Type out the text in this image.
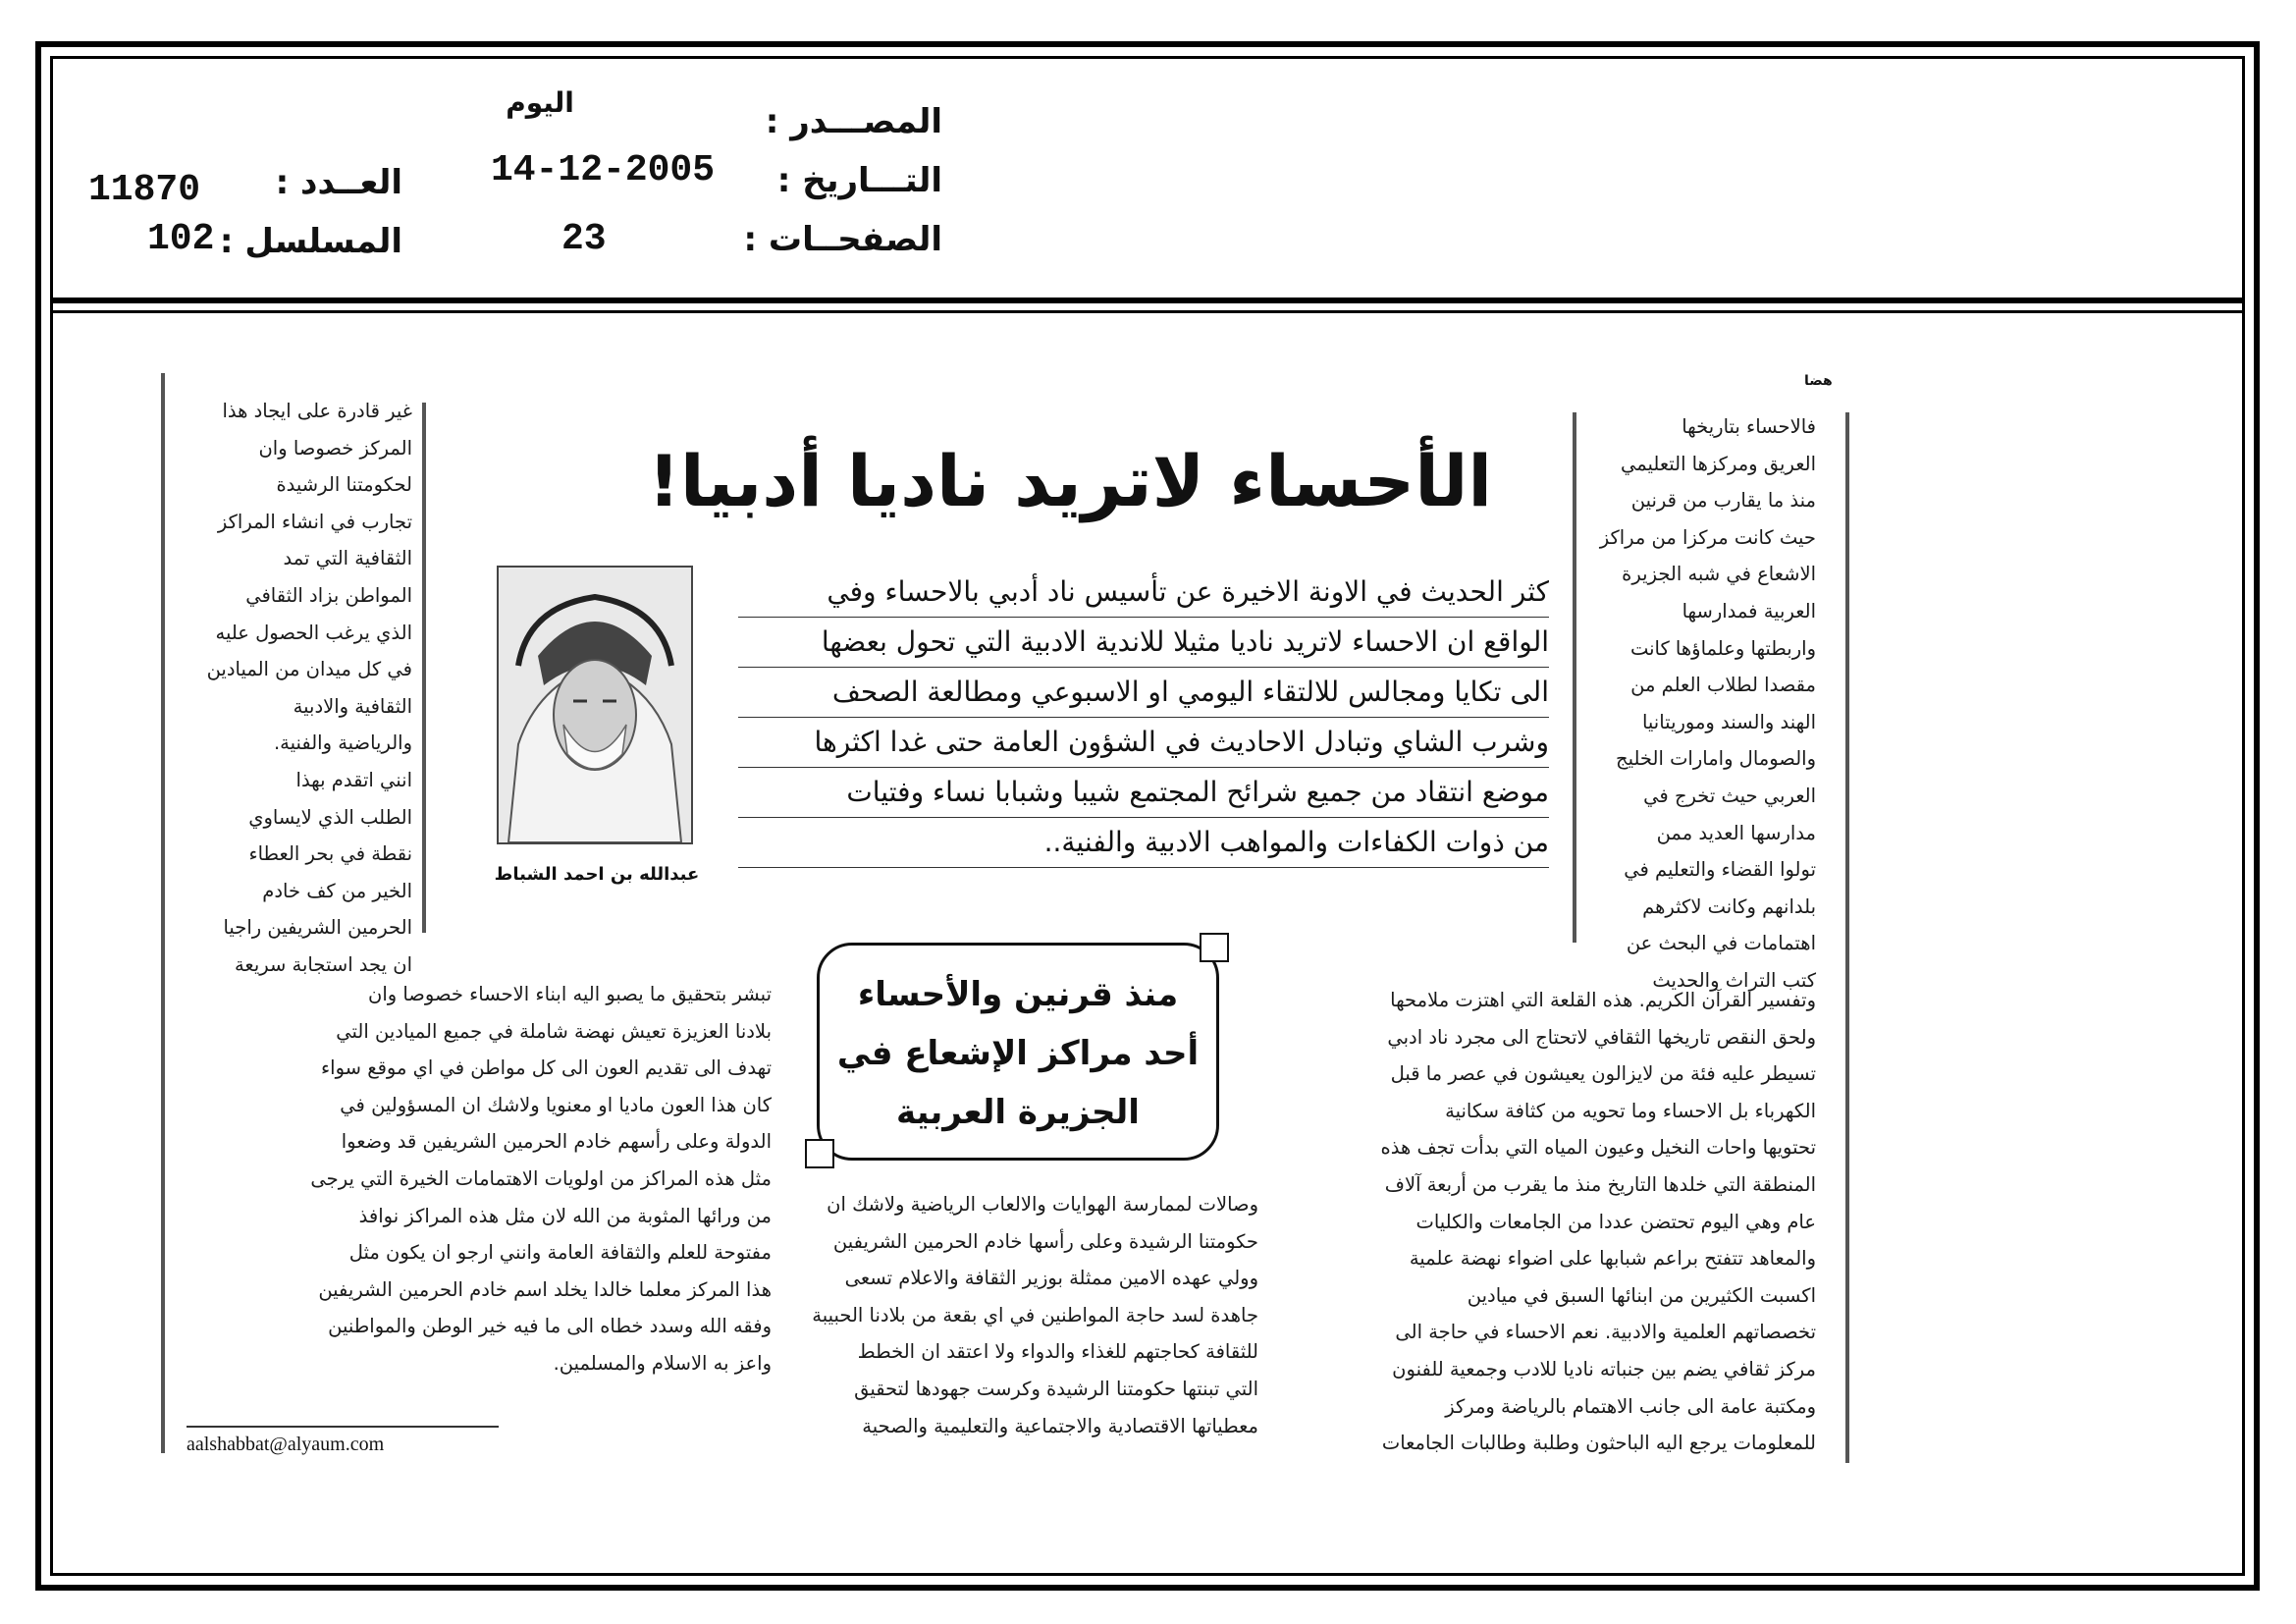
المصـــدر :
اليوم
التـــاريخ :
14-12-2005
الصفحــات :
23
العــدد :
11870
المسلسل :
102
ﮬﻀﺎ
الأحساء لاتريد ناديا أدبيا!
كثر الحديث في الاونة الاخيرة عن تأسيس ناد أدبي بالاحساء وفي
الواقع ان الاحساء لاتريد ناديا مثيلا للاندية الادبية التي تحول بعضها
الى تكايا ومجالس للالتقاء اليومي او الاسبوعي ومطالعة الصحف
وشرب الشاي وتبادل الاحاديث في الشؤون العامة حتى غدا اكثرها
موضع انتقاد من جميع شرائح المجتمع شيبا وشبابا نساء وفتيات
من ذوات الكفاءات والمواهب الادبية والفنية..
عبدالله بن احمد الشباط
منذ قرنين والأحساء
أحد مراكز الإشعاع في
الجزيرة العربية

فالاحساء بتاريخها

العريق ومركزها التعليمي

منذ ما يقارب من قرنين

حيث كانت مركزا من مراكز

الاشعاع في شبه الجزيرة

العربية فمدارسها

واربطتها وعلماؤها كانت

مقصدا لطلاب العلم من

الهند والسند وموريتانيا

والصومال وامارات الخليج

العربي حيث تخرج في

مدارسها العديد ممن

تولوا القضاء والتعليم في

بلدانهم وكانت لاكثرهم

اهتمامات في البحث عن

كتب التراث والحديث

وتفسير القرآن الكريم. هذه القلعة التي اهتزت ملامحها

ولحق النقص تاريخها الثقافي لاتحتاج الى مجرد ناد ادبي

تسيطر عليه فئة من لايزالون يعيشون في عصر ما قبل

الكهرباء بل الاحساء وما تحويه من كثافة سكانية

تحتويها واحات النخيل وعيون المياه التي بدأت تجف هذه

المنطقة التي خلدها التاريخ منذ ما يقرب من أربعة آلاف

عام وهي اليوم تحتضن عددا من الجامعات والكليات

والمعاهد تتفتح براعم شبابها على اضواء نهضة علمية

اكسبت الكثيرين من ابنائها السبق في ميادين

تخصصاتهم العلمية والادبية. نعم الاحساء في حاجة الى

مركز ثقافي يضم بين جنباته ناديا للادب وجمعية للفنون

ومكتبة عامة الى جانب الاهتمام بالرياضة ومركز

للمعلومات يرجع اليه الباحثون وطلبة وطالبات الجامعات

وصالات لممارسة الهوايات والالعاب الرياضية ولاشك ان

حكومتنا الرشيدة وعلى رأسها خادم الحرمين الشريفين

وولي عهده الامين ممثلة بوزير الثقافة والاعلام تسعى

جاهدة لسد حاجة المواطنين في اي بقعة من بلادنا الحبيبة

للثقافة كحاجتهم للغذاء والدواء ولا اعتقد ان الخطط

التي تبنتها حكومتنا الرشيدة وكرست جهودها لتحقيق

معطياتها الاقتصادية والاجتماعية والتعليمية والصحية

غير قادرة على ايجاد هذا

المركز خصوصا وان

لحكومتنا الرشيدة

تجارب في انشاء المراكز

الثقافية التي تمد

المواطن بزاد الثقافي

الذي يرغب الحصول عليه

في كل ميدان من الميادين

الثقافية والادبية

والرياضية والفنية.

انني اتقدم بهذا

الطلب الذي لايساوي

نقطة في بحر العطاء

الخير من كف خادم

الحرمين الشريفين راجيا

ان يجد استجابة سريعة

تبشر بتحقيق ما يصبو اليه ابناء الاحساء خصوصا وان

بلادنا العزيزة تعيش نهضة شاملة في جميع الميادين التي

تهدف الى تقديم العون الى كل مواطن في اي موقع سواء

كان هذا العون ماديا او معنويا ولاشك ان المسؤولين في

الدولة وعلى رأسهم خادم الحرمين الشريفين قد وضعوا

مثل هذه المراكز من اولويات الاهتمامات الخيرة التي يرجى

من ورائها المثوبة من الله لان مثل هذه المراكز نوافذ

مفتوحة للعلم والثقافة العامة وانني ارجو ان يكون مثل

هذا المركز معلما خالدا يخلد اسم خادم الحرمين الشريفين

وفقه الله وسدد خطاه الى ما فيه خير الوطن والمواطنين

واعز به الاسلام والمسلمين.

aalshabbat@alyaum.com
